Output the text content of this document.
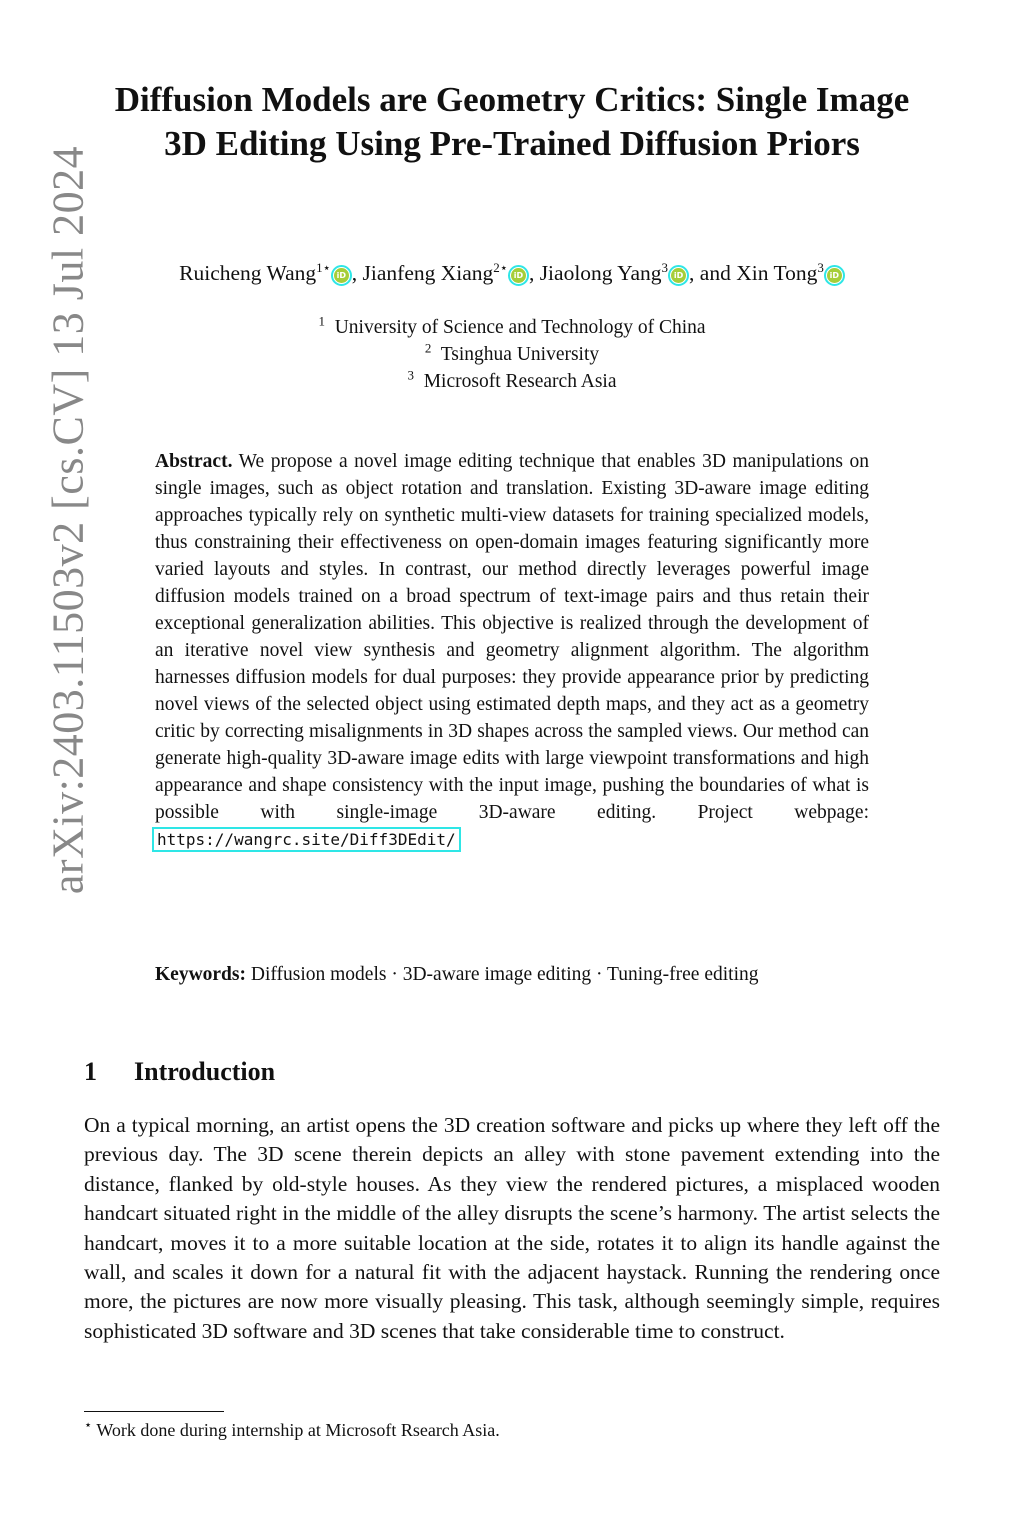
arXiv:2403.11503v2 [cs.CV] 13 Jul 2024
Diffusion Models are Geometry Critics: Single Image 3D Editing Using Pre-Trained Diffusion Priors
Ruicheng Wang$^{1⋆}$iD , Jianfeng Xiang$^{2⋆}$iD , Jiaolong Yang$^3$iD , and Xin Tong$^3$iD
$^1$ University of Science and Technology of China
$^2$ Tsinghua University
$^3$ Microsoft Research Asia
Abstract. We propose a novel image editing technique that enables 3D manipulations on single images, such as object rotation and translation. Existing 3D-aware image editing approaches typically rely on synthetic multi-view datasets for training specialized models, thus constraining their effectiveness on open-domain images featuring significantly more varied layouts and styles. In contrast, our method directly leverages powerful image diffusion models trained on a broad spectrum of text-image pairs and thus retain their exceptional generalization abilities. This objective is realized through the development of an iterative novel view synthesis and geometry alignment algorithm. The algorithm harnesses diffusion models for dual purposes: they provide appearance prior by predicting novel views of the selected object using estimated depth maps, and they act as a geometry critic by correcting misalignments in 3D shapes across the sampled views. Our method can generate high-quality 3D-aware image edits with large viewpoint transformations and high appearance and shape consistency with the input image, pushing the boundaries of what is possible with single-image 3D-aware editing. Project webpage: https://wangrc.site/Diff3DEdit/
Keywords: Diffusion models · 3D-aware image editing · Tuning-free editing
1 Introduction

On a typical morning, an artist opens the 3D creation software and picks up where they left off the previous day. The 3D scene therein depicts an alley with stone pavement extending into the distance, flanked by old-style houses. As they view the rendered pictures, a misplaced wooden handcart situated right in the middle of the alley disrupts the scene’s harmony. The artist selects the handcart, moves it to a more suitable location at the side, rotates it to align its handle against the wall, and scales it down for a natural fit with the adjacent haystack. Running the rendering once more, the pictures are now more visually pleasing. This task, although seemingly simple, requires sophisticated 3D software and 3D scenes that take considerable time to construct.

⋆ Work done during internship at Microsoft Rsearch Asia.
